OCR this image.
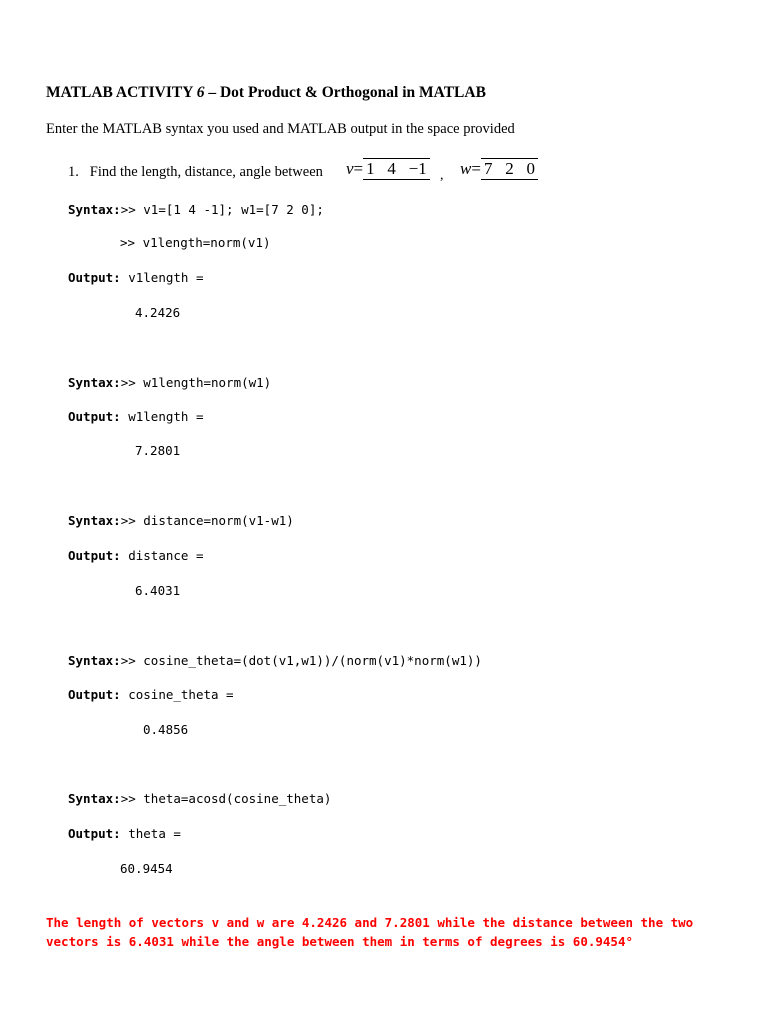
MATLAB ACTIVITY 6 – Dot Product & Orthogonal in MATLAB
Enter the MATLAB syntax you used and MATLAB output in the space provided
1. Find the length, distance, angle between v= 1   4   −1 , w= 7   2   0
Syntax:>> v1=[1 4 -1]; w1=[7 2 0];
>> v1length=norm(v1)
Output: v1length =
4.2426
Syntax:>> w1length=norm(w1)
Output: w1length =
7.2801
Syntax:>> distance=norm(v1-w1)
Output: distance =
6.4031
Syntax:>> cosine_theta=(dot(v1,w1))/(norm(v1)*norm(w1))
Output: cosine_theta =
0.4856
Syntax:>> theta=acosd(cosine_theta)
Output: theta =
60.9454
The length of vectors v and w are 4.2426 and 7.2801 while the distance between the two
vectors is 6.4031 while the angle between them in terms of degrees is 60.9454°
